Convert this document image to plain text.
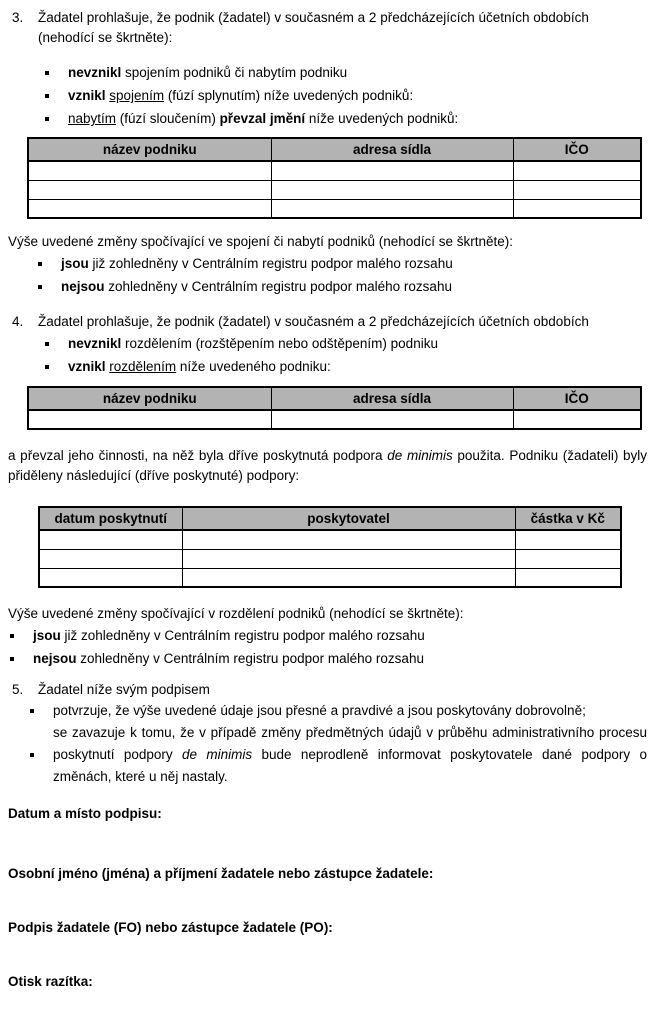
3.	Žadatel prohlašuje, že podnik (žadatel) v současném a 2 předcházejících účetních obdobích (nehodící se škrtněte):
nevznikl spojením podniků či nabytím podniku
vznikl spojením (fúzí splynutím) níže uvedených podniků:
nabytím (fúzí sloučením) převzal jmění níže uvedených podniků:
název podniku	adresa sídla	IČO

Výše uvedené změny spočívající ve spojení či nabytí podniků (nehodící se škrtněte):
jsou již zohledněny v Centrálním registru podpor malého rozsahu
nejsou zohledněny v Centrálním registru podpor malého rozsahu
4.	Žadatel prohlašuje, že podnik (žadatel) v současném a 2 předcházejících účetních obdobích
nevznikl rozdělením (rozštěpením nebo odštěpením) podniku
vznikl rozdělením níže uvedeného podniku:
název podniku	adresa sídla	IČO

a převzal jeho činnosti, na něž byla dříve poskytnutá podpora de minimis použita. Podniku (žadateli) byly přiděleny následující (dříve poskytnuté) podpory:
datum poskytnutí	poskytovatel	částka v Kč

Výše uvedené změny spočívající v rozdělení podniků (nehodící se škrtněte):
jsou již zohledněny v Centrálním registru podpor malého rozsahu
nejsou zohledněny v Centrálním registru podpor malého rozsahu
5.	Žadatel níže svým podpisem
potvrzuje, že výše uvedené údaje jsou přesné a pravdivé a jsou poskytovány dobrovolně;
se zavazuje k tomu, že v případě změny předmětných údajů v průběhu administrativního procesu poskytnutí podpory de minimis bude neprodleně informovat poskytovatele dané podpory o změnách, které u něj nastaly.
Datum a místo podpisu:
Osobní jméno (jména) a příjmení žadatele nebo zástupce žadatele:
Podpis žadatele (FO) nebo zástupce žadatele (PO):
Otisk razítka:
